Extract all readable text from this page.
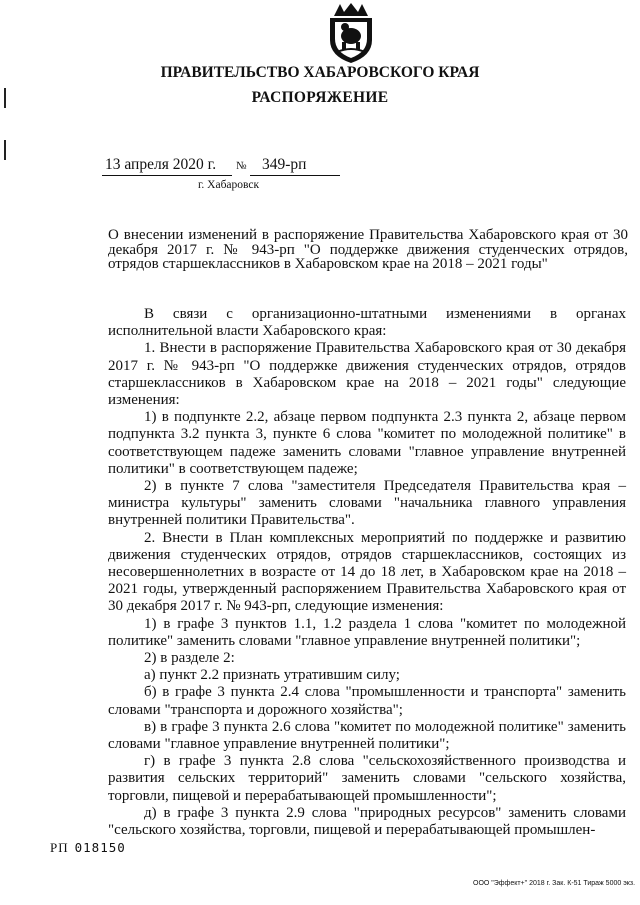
ПРАВИТЕЛЬСТВО ХАБАРОВСКОГО КРАЯ
РАСПОРЯЖЕНИЕ
13 апреля 2020 г. № 349-рп
г. Хабаровск
О внесении изменений в распоряжение Правительства Хабаровского края от 30 декабря 2017 г. № 943-рп "О поддержке движения студенческих отрядов, отрядов старшеклассников в Хабаровском крае на 2018 – 2021 годы"

В связи с организационно-штатными изменениями в органах исполнительной власти Хабаровского края:

1. Внести в распоряжение Правительства Хабаровского края от 30 декабря 2017 г. № 943-рп "О поддержке движения студенческих отрядов, отрядов старшеклассников в Хабаровском крае на 2018 – 2021 годы" следующие изменения:

1) в подпункте 2.2, абзаце первом подпункта 2.3 пункта 2, абзаце первом подпункта 3.2 пункта 3, пункте 6 слова "комитет по молодежной политике" в соответствующем падеже заменить словами "главное управление внутренней политики" в соответствующем падеже;

2) в пункте 7 слова "заместителя Председателя Правительства края – министра культуры" заменить словами "начальника главного управления внутренней политики Правительства".

2. Внести в План комплексных мероприятий по поддержке и развитию движения студенческих отрядов, отрядов старшеклассников, состоящих из несовершеннолетних в возрасте от 14 до 18 лет, в Хабаровском крае на 2018 – 2021 годы, утвержденный распоряжением Правительства Хабаровского края от 30 декабря 2017 г. № 943-рп, следующие изменения:

1) в графе 3 пунктов 1.1, 1.2 раздела 1 слова "комитет по молодежной политике" заменить словами "главное управление внутренней политики";

2) в разделе 2:

а) пункт 2.2 признать утратившим силу;

б) в графе 3 пункта 2.4 слова "промышленности и транспорта" заменить словами "транспорта и дорожного хозяйства";

в) в графе 3 пункта 2.6 слова "комитет по молодежной политике" заменить словами "главное управление внутренней политики";

г) в графе 3 пункта 2.8 слова "сельскохозяйственного производства и развития сельских территорий" заменить словами "сельского хозяйства, торговли, пищевой и перерабатывающей промышленности";

д) в графе 3 пункта 2.9 слова "природных ресурсов" заменить словами "сельского хозяйства, торговли, пищевой и перерабатывающей промышлен-

РП 018150
ООО "Эффект+" 2018 г. Зак. К-51 Тираж 5000 экз.
